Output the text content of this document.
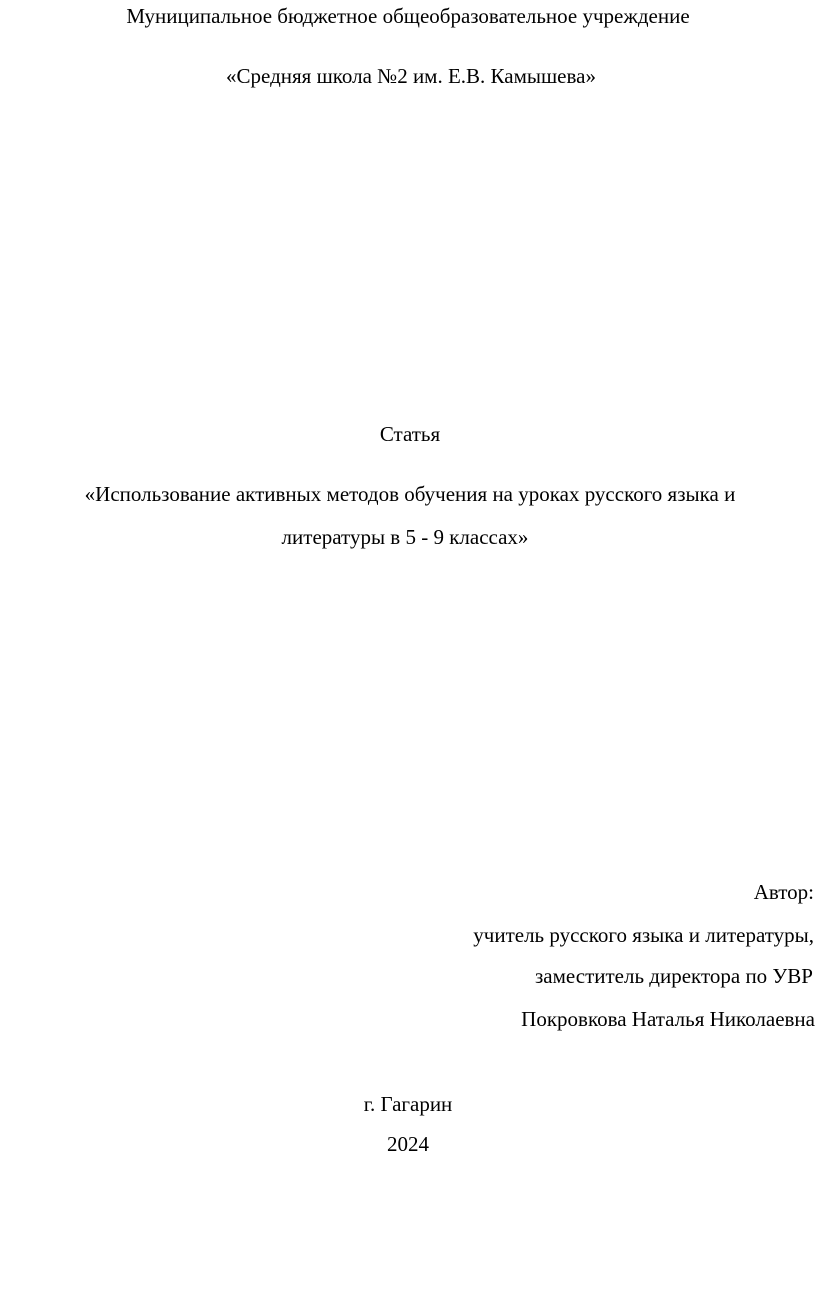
Муниципальное бюджетное общеобразовательное учреждение
«Средняя школа №2 им. Е.В. Камышева»
Статья
«Использование активных методов обучения на уроках русского языка и
литературы в 5 - 9 классах»
Автор:
учитель русского языка и литературы,
заместитель директора по УВР
Покровкова Наталья Николаевна
г. Гагарин
2024
